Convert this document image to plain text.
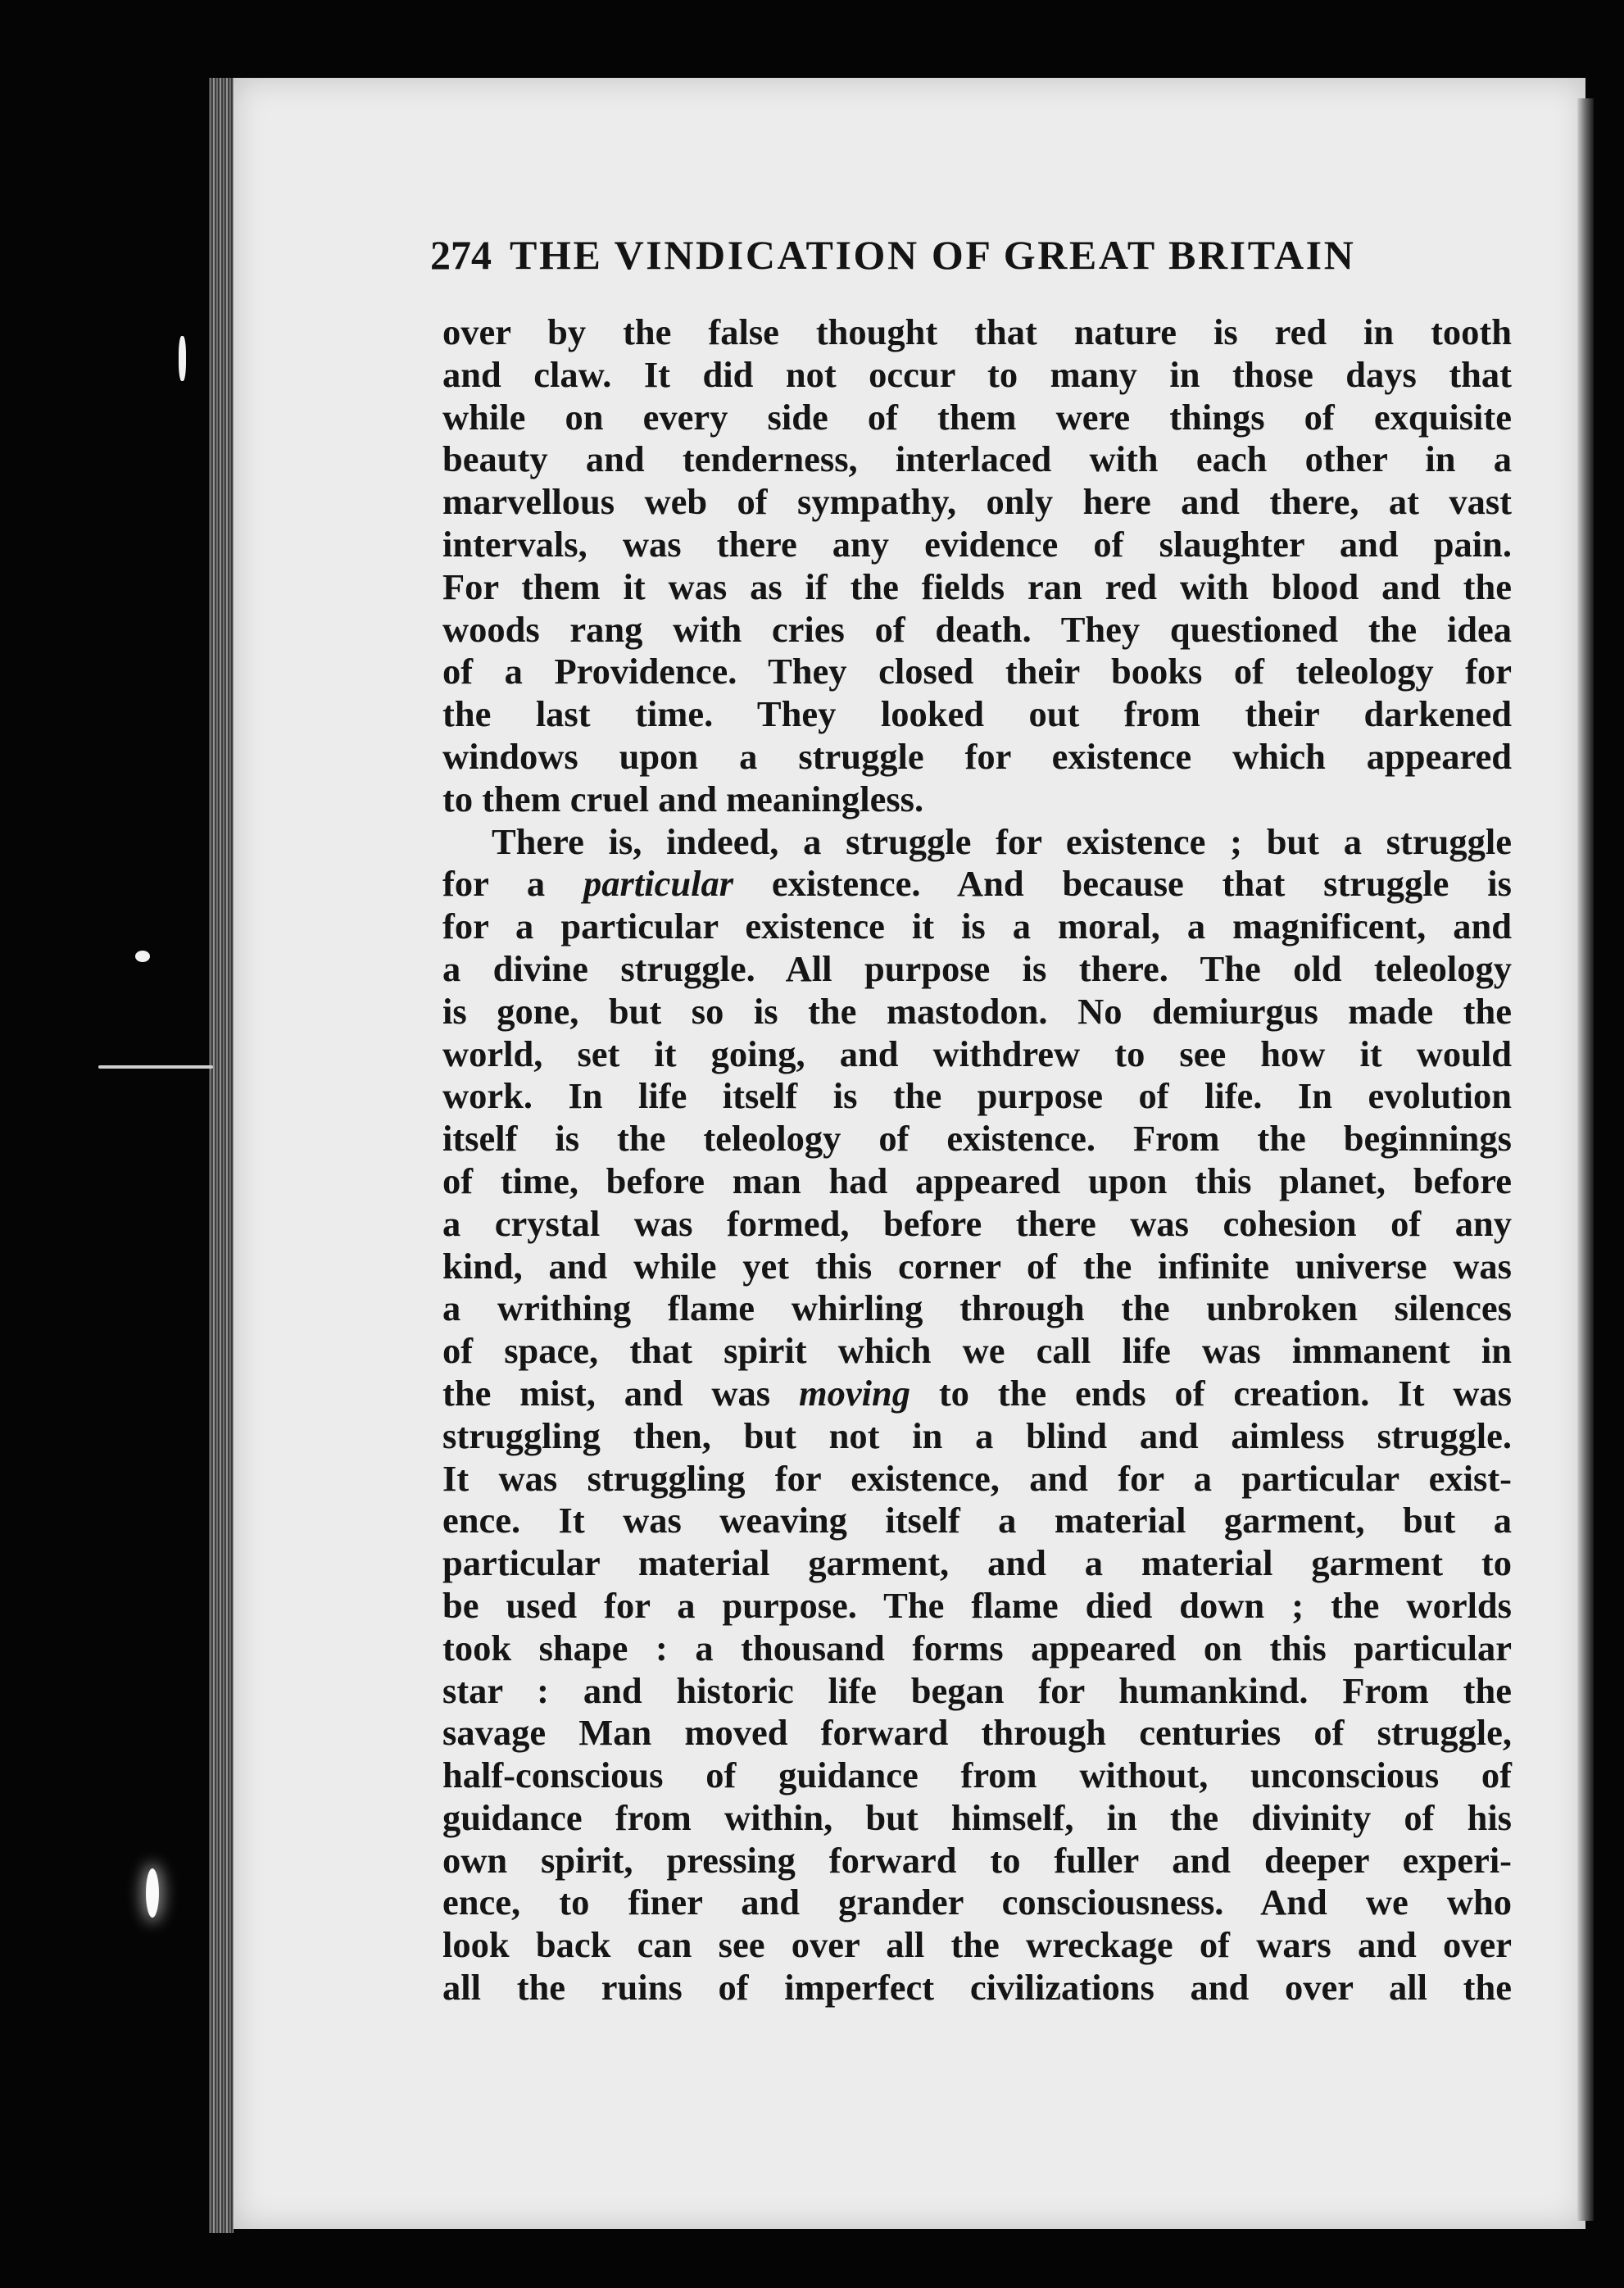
274 THE VINDICATION OF GREAT BRITAIN
over by the false thought that nature is red in tooth
and claw. It did not occur to many in those days that
while on every side of them were things of exquisite
beauty and tenderness, interlaced with each other in a
marvellous web of sympathy, only here and there, at vast
intervals, was there any evidence of slaughter and pain.
For them it was as if the fields ran red with blood and the
woods rang with cries of death. They questioned the idea
of a Providence. They closed their books of teleology for
the last time. They looked out from their darkened
windows upon a struggle for existence which appeared
to them cruel and meaningless.
There is, indeed, a struggle for existence ; but a struggle
for a particular existence. And because that struggle is
for a particular existence it is a moral, a magnificent, and
a divine struggle. All purpose is there. The old teleology
is gone, but so is the mastodon. No demiurgus made the
world, set it going, and withdrew to see how it would
work. In life itself is the purpose of life. In evolution
itself is the teleology of existence. From the beginnings
of time, before man had appeared upon this planet, before
a crystal was formed, before there was cohesion of any
kind, and while yet this corner of the infinite universe was
a writhing flame whirling through the unbroken silences
of space, that spirit which we call life was immanent in
the mist, and was moving to the ends of creation. It was
struggling then, but not in a blind and aimless struggle.
It was struggling for existence, and for a particular exist-
ence. It was weaving itself a material garment, but a
particular material garment, and a material garment to
be used for a purpose. The flame died down ; the worlds
took shape : a thousand forms appeared on this particular
star : and historic life began for humankind. From the
savage Man moved forward through centuries of struggle,
half-conscious of guidance from without, unconscious of
guidance from within, but himself, in the divinity of his
own spirit, pressing forward to fuller and deeper experi-
ence, to finer and grander consciousness. And we who
look back can see over all the wreckage of wars and over
all the ruins of imperfect civilizations and over all the
